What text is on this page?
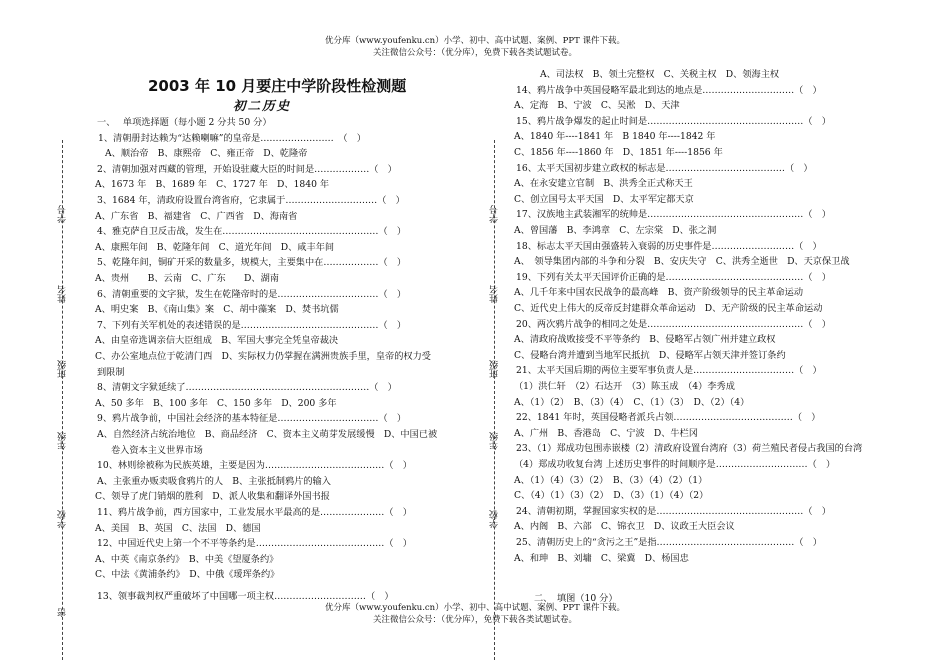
优分库（www.youfenku.cn）小学、初中、高中试题、案例、PPT 课件下载。
关注微信公众号：（优分库），免费下载各类试题试卷。
2003 年 10 月要庄中学阶段性检测题
初二历史
学号
姓名
班级
年级
学校
密
学号
姓名
班级
年级
学校
一、　 单项选择题（每小题 2 分共 50 分）
1、清朝册封达赖为“达赖喇嘛”的皇帝是……………………　（　）
A、顺治帝　B、康熙帝　C、雍正帝　D、乾隆帝
2、清朝加强对西藏的管理，开始设驻藏大臣的时间是………………（　）
A、1673 年　B、1689 年　C、1727 年　D、1840 年
3、1684 年，清政府设置台湾省府，它隶属于…………………………（　）
A、广东省　B、福建省　C、广西省　D、海南省
4、雅克萨自卫反击战，发生在……………………………………………（　）
A、康熙年间　B、乾隆年间　C、道光年间　D、咸丰年间
5、乾隆年间，铜矿开采的数量多，规模大，主要集中在………………（　）
A、贵州　　B、云南　C、广东　　D、湖南
6、清朝重要的文字狱，发生在乾隆帝时的是……………………………（　）
A、明史案　B、《南山集》案　C、胡中藻案　D、焚书坑儒
7、下列有关军机处的表述错误的是………………………………………（　）
A、由皇帝选调亲信大臣组成　B、军国大事完全凭皇帝裁决
C、办公室地点位于乾清门西　D、实际权力仍掌握在满洲贵族手里，皇帝的权力受
到限制
8、清朝文字狱延续了……………………………………………………（　）
A、50 多年　B、100 多年　C、150 多年　D、200 多年
9、鸦片战争前，中国社会经济的基本特征是……………………………（　）
A、自然经济占统治地位　B、商品经济　C、资本主义萌芽发展缓慢　D、中国已被
卷入资本主义世界市场
10、林则徐被称为民族英雄，主要是因为…………………………………（　）
A、主张重办贩卖吸食鸦片的人　B、主张抵制鸦片的输入
C、领导了虎门销烟的胜利　D、派人收集和翻译外国书报
11、鸦片战争前，西方国家中，工业发展水平最高的是…………………（　）
A、美国　B、英国　C、法国　D、德国
12、中国近代史上第一个不平等条约是……………………………………（　）
A、中英《南京条约》　B、中美《望厦条约》
C、中法《黄浦条约》　D、中俄《瑷珲条约》
13、领事裁判权严重破坏了中国哪一项主权…………………………（　）
A、司法权　B、领土完整权　C、关税主权　D、领海主权
14、鸦片战争中英国侵略军最北到达的地点是…………………………（　）
A、定海　B、宁波　C、吴淞　D、天津
15、鸦片战争爆发的起止时间是……………………………………………（　）
A、1840 年----1841 年　B 1840 年----1842 年
C、1856 年----1860 年　D、1851 年----1856 年
16、太平天国初步建立政权的标志是…………………………………（　）
A、在永安建立官制　B、洪秀全正式称天王
C、创立国号太平天国　D、太平军定都天京
17、汉族地主武装湘军的统帅是……………………………………………（　）
A、曾国藩　B、李鸿章　C、左宗棠　D、张之洞
18、标志太平天国由强盛转入衰弱的历史事件是………………………（　）
A、　领导集团内部的斗争和分裂　B、安庆失守　C、洪秀全逝世　D、天京保卫战
19、下列有关太平天国评价正确的是………………………………………（　）
A、几千年来中国农民战争的最高峰　B、资产阶级领导的民主革命运动
C、近代史上伟大的反帝反封建群众革命运动　D、无产阶级的民主革命运动
20、两次鸦片战争的相同之处是……………………………………………（　）
A、清政府战败接受不平等条约　B、侵略军占领广州并建立政权
C、侵略台湾并遭到当地军民抵抗　D、侵略军占领天津并签订条约
21、太平天国后期的两位主要军事负责人是……………………………（　）
（1）洪仁轩　（2）石达开　（3）陈玉成　（4）李秀成
A、（1）（2）　B、（3）（4）　C、（1）（3）　D、（2）（4）
22、1841 年时，英国侵略者派兵占领…………………………………（　）
A、广州　B、香港岛　C、宁波　D、牛栏冈
23、（1）郑成功包围赤嵌楼（2）清政府设置台湾府（3）荷兰殖民者侵占我国的台湾
（4）郑成功收复台湾 上述历史事件的时间顺序是…………………………（　）
A、（1）（4）（3）（2）　B、（3）（4）（2）（1）
C、（4）（1）（3）（2）　D、（3）（1）（4）（2）
24、清朝初期，掌握国家实权的是…………………………………………（　）
A、内阁　B、六部　C、锦衣卫　D、议政王大臣会议
25、清朝历史上的“贪污之王”是指………………………………………（　）
A、和珅　B、刘墉　C、梁冀　D、杨国忠
二、　填图（10 分）
优分库（www.youfenku.cn）小学、初中、高中试题、案例、PPT 课件下载。
关注微信公众号：（优分库），免费下载各类试题试卷。
